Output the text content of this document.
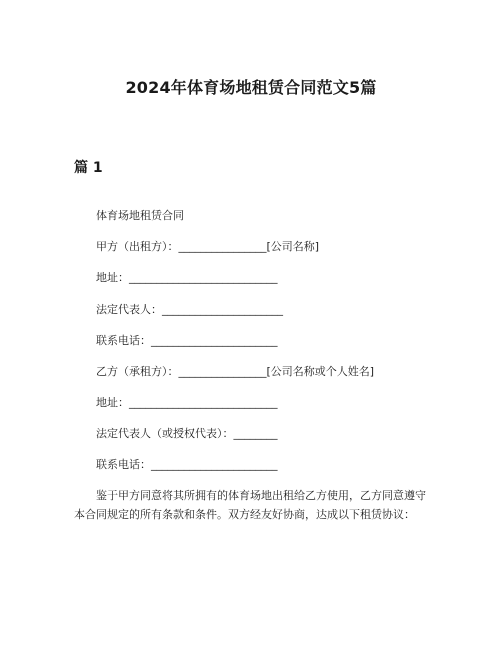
2024年体育场地租赁合同范文5篇
篇 1
体育场地租赁合同
甲方（出租方）：________________[公司名称]
地址：___________________________
法定代表人：______________________
联系电话：_______________________
乙方（承租方）：________________[公司名称或个人姓名]
地址：___________________________
法定代表人（或授权代表）：________
联系电话：_______________________
鉴于甲方同意将其所拥有的体育场地出租给乙方使用，乙方同意遵守本合同规定的所有条款和条件。双方经友好协商，达成以下租赁协议：
